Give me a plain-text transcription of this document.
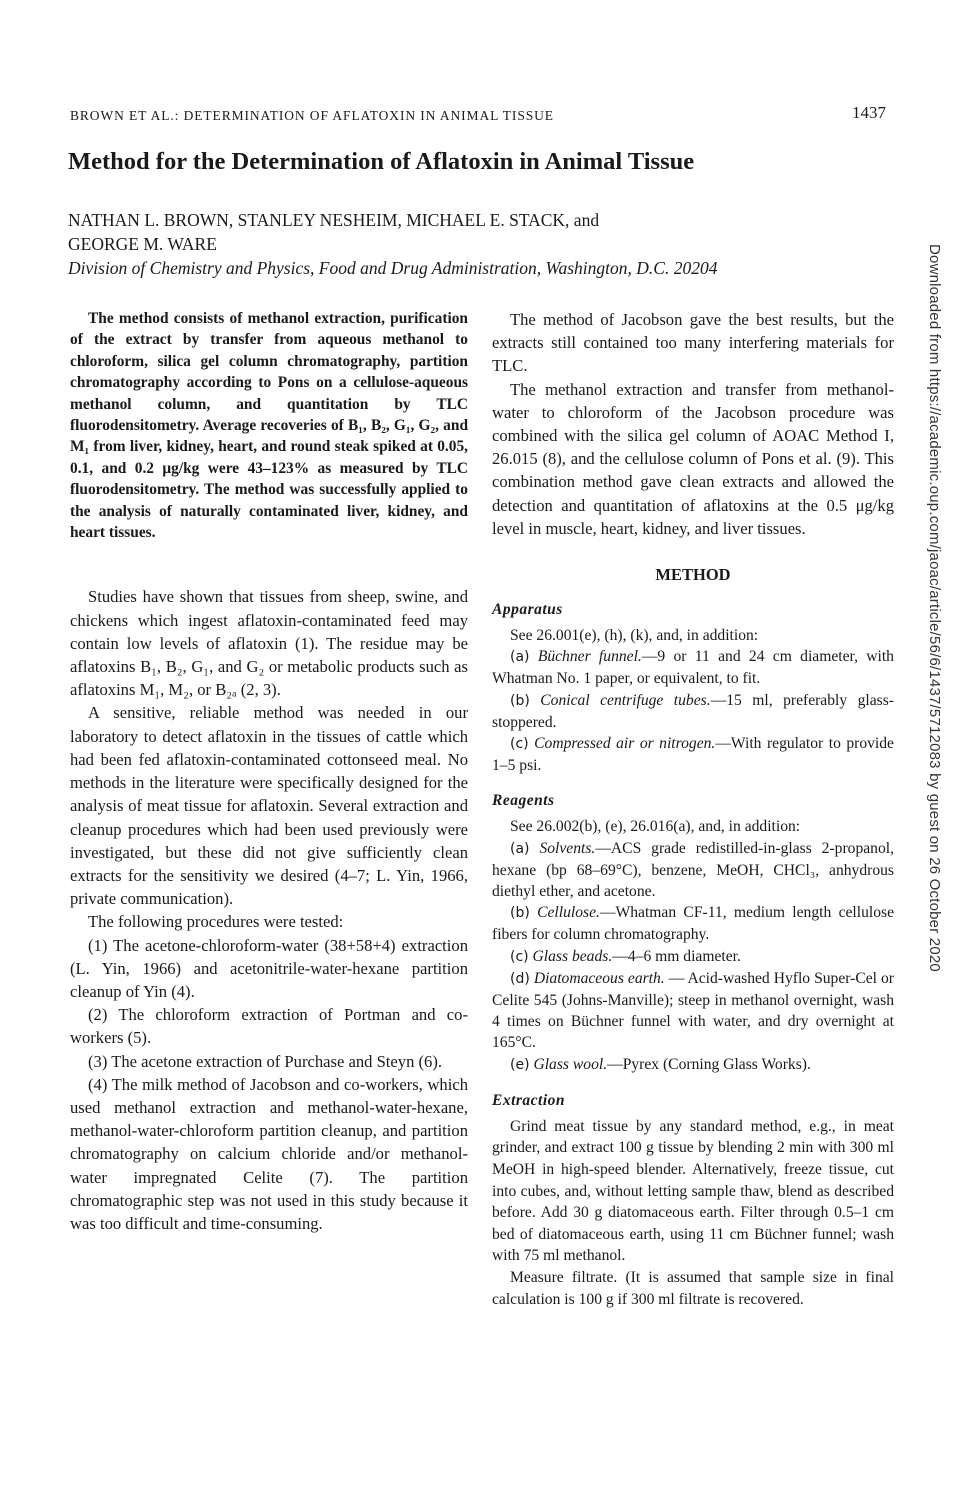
BROWN ET AL.: DETERMINATION OF AFLATOXIN IN ANIMAL TISSUE	1437
Method for the Determination of Aflatoxin in Animal Tissue
NATHAN L. BROWN, STANLEY NESHEIM, MICHAEL E. STACK, and
GEORGE M. WARE
Division of Chemistry and Physics, Food and Drug Administration, Washington, D.C. 20204

The method consists of methanol extraction, purification of the extract by transfer from aqueous methanol to chloroform, silica gel column chromatography, partition chromatography according to Pons on a cellulose-aqueous methanol column, and quantitation by TLC fluorodensitometry. Average recoveries of B₁, B₂, G₁, G₂, and M₁ from liver, kidney, heart, and round steak spiked at 0.05, 0.1, and 0.2 μg/kg were 43–123% as measured by TLC fluorodensitometry. The method was successfully applied to the analysis of naturally contaminated liver, kidney, and heart tissues.

Studies have shown that tissues from sheep, swine, and chickens which ingest aflatoxin-contaminated feed may contain low levels of aflatoxin (1). The residue may be aflatoxins B₁, B₂, G₁, and G₂ or metabolic products such as aflatoxins M₁, M₂, or B₂ₐ (2, 3).

A sensitive, reliable method was needed in our laboratory to detect aflatoxin in the tissues of cattle which had been fed aflatoxin-contaminated cottonseed meal. No methods in the literature were specifically designed for the analysis of meat tissue for aflatoxin. Several extraction and cleanup procedures which had been used previously were investigated, but these did not give sufficiently clean extracts for the sensitivity we desired (4–7; L. Yin, 1966, private communication).

The following procedures were tested:

(1) The acetone-chloroform-water (38+58+4) extraction (L. Yin, 1966) and acetonitrile-water-hexane partition cleanup of Yin (4).

(2) The chloroform extraction of Portman and co-workers (5).

(3) The acetone extraction of Purchase and Steyn (6).

(4) The milk method of Jacobson and co-workers, which used methanol extraction and methanol-water-hexane, methanol-water-chloroform partition cleanup, and partition chromatography on calcium chloride and/or methanol-water impregnated Celite (7). The partition chromatographic step was not used in this study because it was too difficult and time-consuming.

The method of Jacobson gave the best results, but the extracts still contained too many interfering materials for TLC.

The methanol extraction and transfer from methanol-water to chloroform of the Jacobson procedure was combined with the silica gel column of AOAC Method I, 26.015 (8), and the cellulose column of Pons et al. (9). This combination method gave clean extracts and allowed the detection and quantitation of aflatoxins at the 0.5 μg/kg level in muscle, heart, kidney, and liver tissues.

METHOD
Apparatus

See 26.001(e), (h), (k), and, in addition:

(a) Büchner funnel.—9 or 11 and 24 cm diameter, with Whatman No. 1 paper, or equivalent, to fit.

(b) Conical centrifuge tubes.—15 ml, preferably glass-stoppered.

(c) Compressed air or nitrogen.—With regulator to provide 1–5 psi.

Reagents

See 26.002(b), (e), 26.016(a), and, in addition:

(a) Solvents.—ACS grade redistilled-in-glass 2-propanol, hexane (bp 68–69°C), benzene, MeOH, CHCl₃, anhydrous diethyl ether, and acetone.

(b) Cellulose.—Whatman CF-11, medium length cellulose fibers for column chromatography.

(c) Glass beads.—4–6 mm diameter.

(d) Diatomaceous earth. — Acid-washed Hyflo Super-Cel or Celite 545 (Johns-Manville); steep in methanol overnight, wash 4 times on Büchner funnel with water, and dry overnight at 165°C.

(e) Glass wool.—Pyrex (Corning Glass Works).

Extraction

Grind meat tissue by any standard method, e.g., in meat grinder, and extract 100 g tissue by blending 2 min with 300 ml MeOH in high-speed blender. Alternatively, freeze tissue, cut into cubes, and, without letting sample thaw, blend as described before. Add 30 g diatomaceous earth. Filter through 0.5–1 cm bed of diatomaceous earth, using 11 cm Büchner funnel; wash with 75 ml methanol.

Measure filtrate. (It is assumed that sample size in final calculation is 100 g if 300 ml filtrate is recovered.

Downloaded from https://academic.oup.com/jaoac/article/56/6/1437/5712083 by guest on 26 October 2020
